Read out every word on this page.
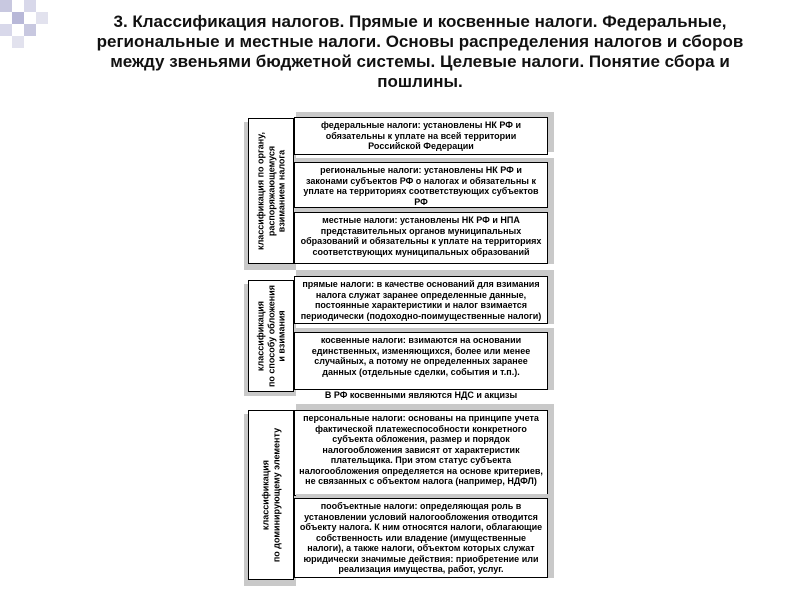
3. Классификация налогов. Прямые и косвенные налоги. Федеральные, региональные и местные налоги. Основы распределения налогов и сборов между звеньями бюджетной системы. Целевые налоги. Понятие сбора и пошлины.
классификация по органу,
распоряжающемуся
взиманием налога
федеральные налоги: установлены НК РФ и обязательны к уплате на всей территории Российской Федерации
региональные налоги: установлены НК РФ и законами субъектов РФ о налогах и обязательны к уплате на территориях соответствующих субъектов РФ
местные налоги: установлены НК РФ и НПА представительных органов муниципальных образований и обязательны к уплате на территориях соответствующих муниципальных образований
классификация
по способу обложения
и взимания
прямые налоги: в качестве оснований для взимания налога служат заранее определенные данные, постоянные характеристики и налог взимается периодически (подоходно-поимущественные налоги)
косвенные налоги: взимаются на основании единственных, изменяющихся, более или менее случайных, а потому не определенных заранее данных (отдельные сделки, события и т.п.).
В РФ косвенными являются НДС и акцизы
классификация
по доминирующему элементу
персональные налоги: основаны на принципе учета фактической платежеспособности конкретного субъекта обложения, размер и порядок налогообложения зависят от характеристик плательщика. При этом статус субъекта налогообложения определяется на основе критериев, не связанных с объектом налога (например, НДФЛ)
пообъектные налоги: определяющая роль в установлении условий налогообложения отводится объекту налога. К ним относятся налоги, облагающие собственность или владение (имущественные налоги), а также налоги, объектом которых служат юридически значимые действия: приобретение или реализация имущества, работ, услуг.
